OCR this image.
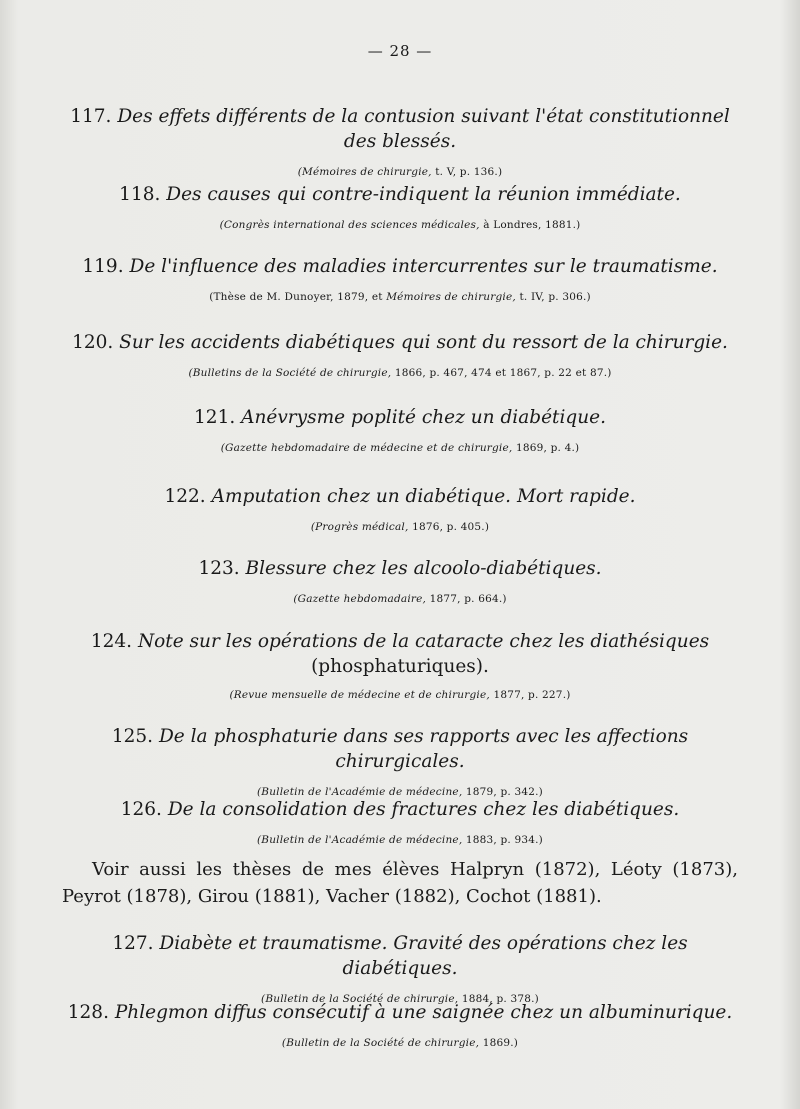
— 28 —
117. Des effets différents de la contusion suivant l'état constitutionnel des blessés.
(Mémoires de chirurgie, t. V, p. 136.)
118. Des causes qui contre-indiquent la réunion immédiate.
(Congrès international des sciences médicales, à Londres, 1881.)
119. De l'influence des maladies intercurrentes sur le traumatisme.
(Thèse de M. Dunoyer, 1879, et Mémoires de chirurgie, t. IV, p. 306.)
120. Sur les accidents diabétiques qui sont du ressort de la chirurgie.
(Bulletins de la Société de chirurgie, 1866, p. 467, 474 et 1867, p. 22 et 87.)
121. Anévrysme poplité chez un diabétique.
(Gazette hebdomadaire de médecine et de chirurgie, 1869, p. 4.)
122. Amputation chez un diabétique. Mort rapide.
(Progrès médical, 1876, p. 405.)
123. Blessure chez les alcoolo-diabétiques.
(Gazette hebdomadaire, 1877, p. 664.)
124. Note sur les opérations de la cataracte chez les diathésiques
(phosphaturiques).
(Revue mensuelle de médecine et de chirurgie, 1877, p. 227.)
125. De la phosphaturie dans ses rapports avec les affections chirurgicales.
(Bulletin de l'Académie de médecine, 1879, p. 342.)
126. De la consolidation des fractures chez les diabétiques.
(Bulletin de l'Académie de médecine, 1883, p. 934.)
Voir aussi les thèses de mes élèves Halpryn (1872), Léoty (1873), Peyrot (1878), Girou (1881), Vacher (1882), Cochot (1881).
127. Diabète et traumatisme. Gravité des opérations chez les diabétiques.
(Bulletin de la Société de chirurgie, 1884, p. 378.)
128. Phlegmon diffus consécutif à une saignée chez un albuminurique.
(Bulletin de la Société de chirurgie, 1869.)
